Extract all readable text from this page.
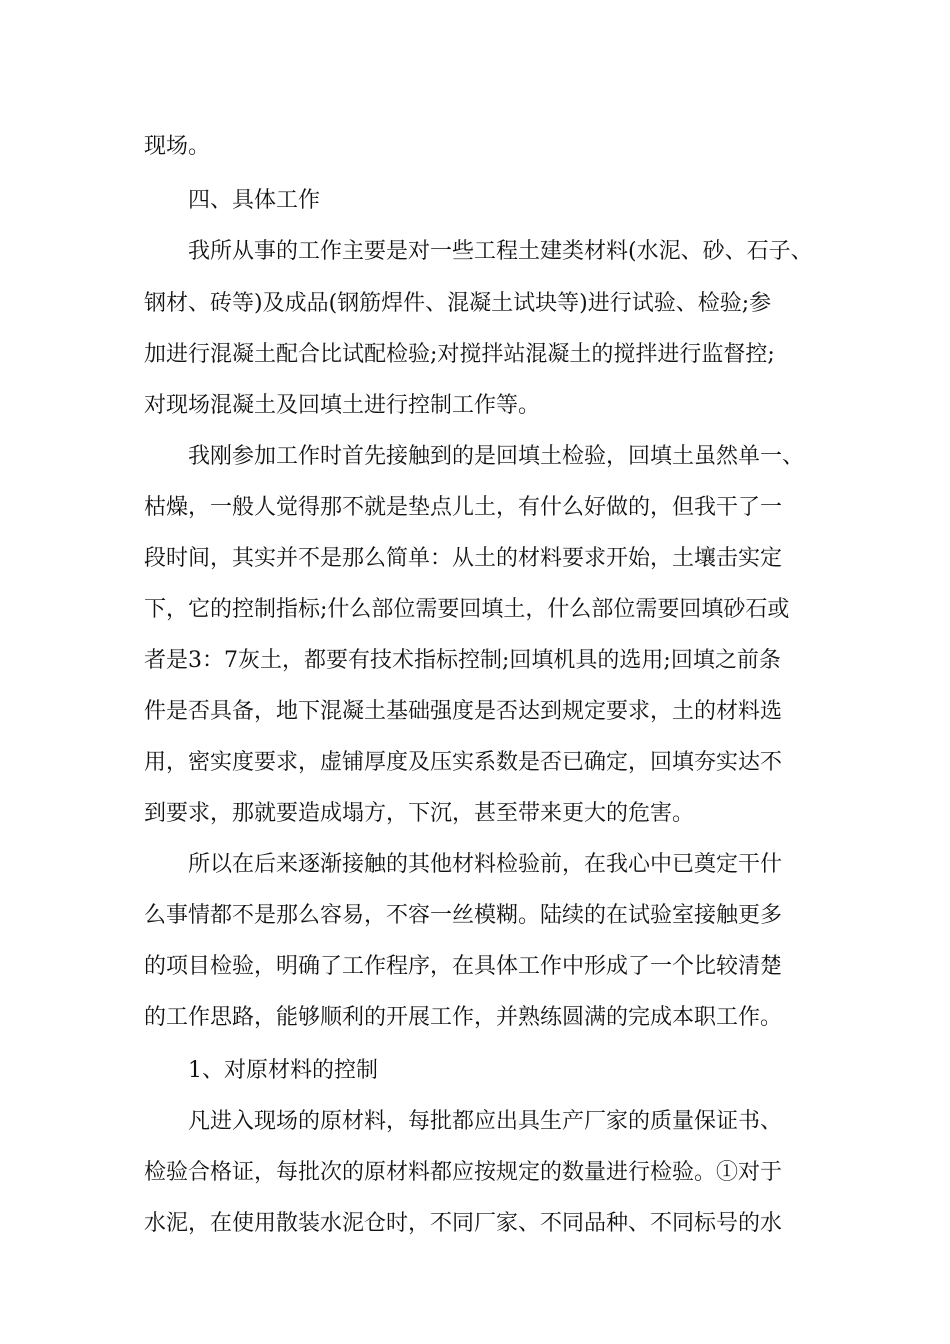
现场。
四、具体工作
我所从事的工作主要是对一些工程土建类材料(水泥、砂、石子、
钢材、砖等)及成品(钢筋焊件、混凝土试块等)进行试验、检验;参
加进行混凝土配合比试配检验;对搅拌站混凝土的搅拌进行监督控;
对现场混凝土及回填土进行控制工作等。
我刚参加工作时首先接触到的是回填土检验，回填土虽然单一、
枯燥，一般人觉得那不就是垫点儿土，有什么好做的，但我干了一
段时间，其实并不是那么简单：从土的材料要求开始，土壤击实定
下，它的控制指标;什么部位需要回填土，什么部位需要回填砂石或
者是3：7灰土，都要有技术指标控制;回填机具的选用;回填之前条
件是否具备，地下混凝土基础强度是否达到规定要求，土的材料选
用，密实度要求，虚铺厚度及压实系数是否已确定，回填夯实达不
到要求，那就要造成塌方，下沉，甚至带来更大的危害。
所以在后来逐渐接触的其他材料检验前，在我心中已奠定干什
么事情都不是那么容易，不容一丝模糊。陆续的在试验室接触更多
的项目检验，明确了工作程序，在具体工作中形成了一个比较清楚
的工作思路，能够顺利的开展工作，并熟练圆满的完成本职工作。
1、对原材料的控制
凡进入现场的原材料，每批都应出具生产厂家的质量保证书、
检验合格证，每批次的原材料都应按规定的数量进行检验。①对于
水泥，在使用散装水泥仓时，不同厂家、不同品种、不同标号的水
